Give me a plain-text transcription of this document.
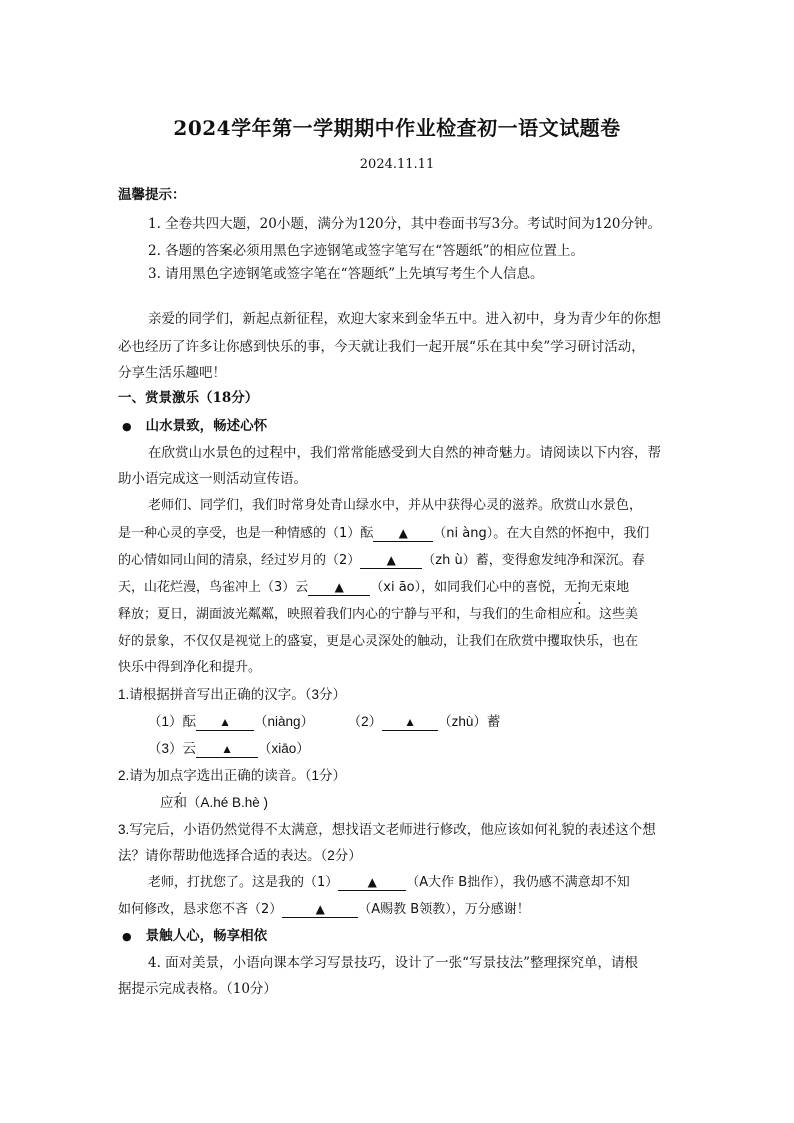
2024学年第一学期期中作业检查初一语文试题卷
2024.11.11
温馨提示：
1. 全卷共四大题，20小题，满分为120分，其中卷面书写3分。考试时间为120分钟。
2. 各题的答案必须用黑色字迹钢笔或签字笔写在“答题纸”的相应位置上。
3. 请用黑色字迹钢笔或签字笔在“答题纸”上先填写考生个人信息。
亲爱的同学们，新起点新征程，欢迎大家来到金华五中。进入初中，身为青少年的你想
必也经历了许多让你感到快乐的事，今天就让我们一起开展“乐在其中矣”学习研讨活动，
分享生活乐趣吧！
一、赏景激乐（18分）
● 山水景致，畅述心怀
在欣赏山水景色的过程中，我们常常能感受到大自然的神奇魅力。请阅读以下内容，帮
助小语完成这一则活动宣传语。
老师们、同学们，我们时常身处青山绿水中，并从中获得心灵的滋养。欣赏山水景色，
是一种心灵的享受，也是一种情感的（1）酝 ▲ （ni àng）。在大自然的怀抱中，我们
的心情如同山间的清泉，经过岁月的（2） ▲ （zh ù）蓄，变得愈发纯净和深沉。春
天，山花烂漫，鸟雀冲上（3）云 ▲ （xi āo），如同我们心中的喜悦，无拘无束地
释放；夏日，湖面波光粼粼，映照着我们内心的宁静与平和，与我们的生命相应和。这些美
好的景象，不仅仅是视觉上的盛宴，更是心灵深处的触动，让我们在欣赏中攫取快乐，也在
快乐中得到净化和提升。
1.请根据拼音写出正确的汉字。（3分）
（1）酝 ▲ （niàng） （2） ▲ （zhù）蓄
（3）云 ▲ （xiāo）
2.请为加点字选出正确的读音。（1分）
应和（A.hé B.hè )
3.写完后，小语仍然觉得不太满意，想找语文老师进行修改，他应该如何礼貌的表述这个想
法？请你帮助他选择合适的表达。（2分）
老师，打扰您了。这是我的（1） ▲ （A大作 B拙作），我仍感不满意却不知
如何修改，恳求您不吝（2）	▲	（A赐教 B领教），万分感谢！
● 景触人心，畅享相依
4. 面对美景，小语向课本学习写景技巧，设计了一张“写景技法”整理探究单，请根
据提示完成表格。（10分）
